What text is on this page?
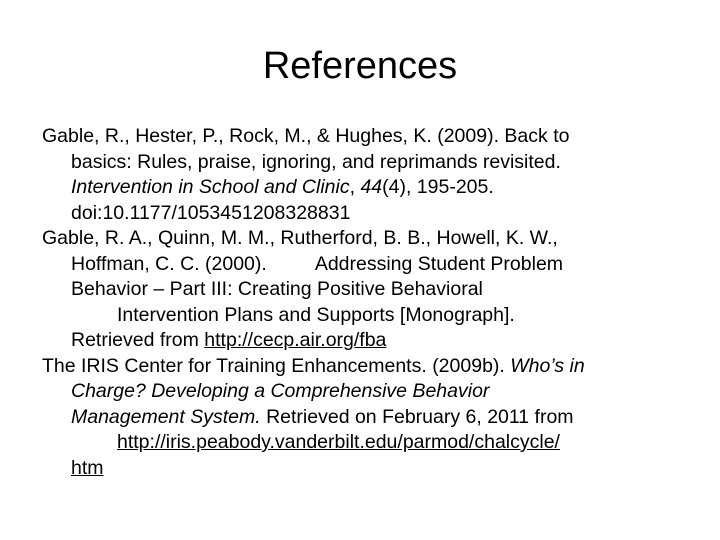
References
Gable, R., Hester, P., Rock, M., & Hughes, K. (2009). Back to
basics: Rules, praise, ignoring, and reprimands revisited.
Intervention in School and Clinic, 44(4), 195-205.
doi:10.1177/1053451208328831
Gable, R. A., Quinn, M. M., Rutherford, B. B., Howell, K. W.,
Hoffman, C. C. (2000). Addressing Student Problem
Behavior – Part III: Creating Positive Behavioral
Intervention Plans and Supports [Monograph].
Retrieved from http://cecp.air.org/fba
The IRIS Center for Training Enhancements. (2009b). Who’s in
Charge? Developing a Comprehensive Behavior
Management System. Retrieved on February 6, 2011 from
http://iris.peabody.vanderbilt.edu/parmod/chalcycle/
htm
